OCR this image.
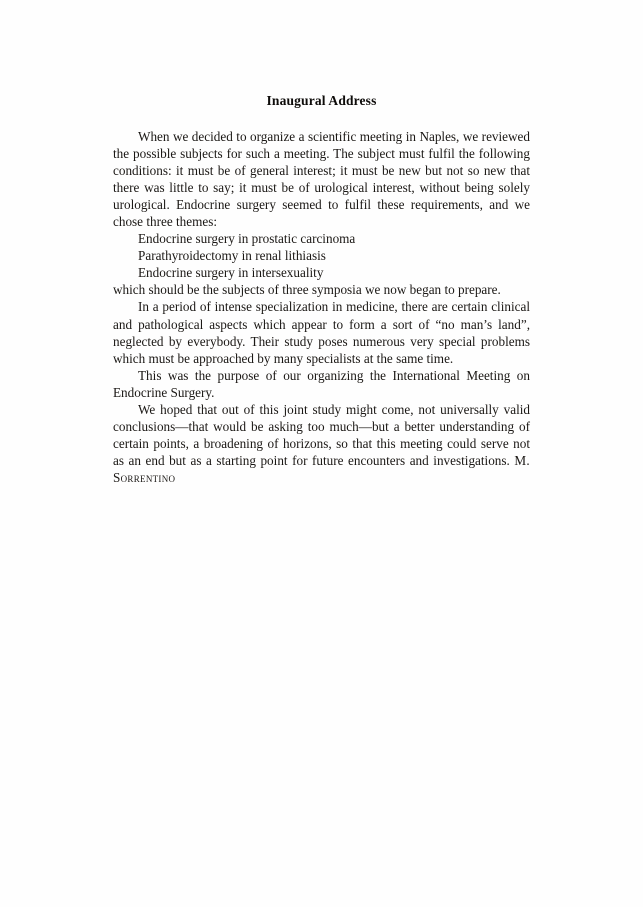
Inaugural Address

When we decided to organize a scientific meeting in Naples, we reviewed the possible subjects for such a meeting. The subject must fulfil the following conditions: it must be of general interest; it must be new but not so new that there was little to say; it must be of urological interest, without being solely urological. Endocrine surgery seemed to fulfil these requirements, and we chose three themes:

Endocrine surgery in prostatic carcinoma
Parathyroidectomy in renal lithiasis
Endocrine surgery in intersexuality

which should be the subjects of three symposia we now began to prepare.

In a period of intense specialization in medicine, there are certain clinical and pathological aspects which appear to form a sort of “no man’s land”, neglected by everybody. Their study poses numerous very special problems which must be approached by many specialists at the same time.

This was the purpose of our organizing the International Meeting on Endocrine Surgery.

We hoped that out of this joint study might come, not universally valid conclusions—that would be asking too much—but a better understanding of certain points, a broadening of horizons, so that this meeting could serve not as an end but as a starting point for future encounters and investigations. M. Sorrentino
